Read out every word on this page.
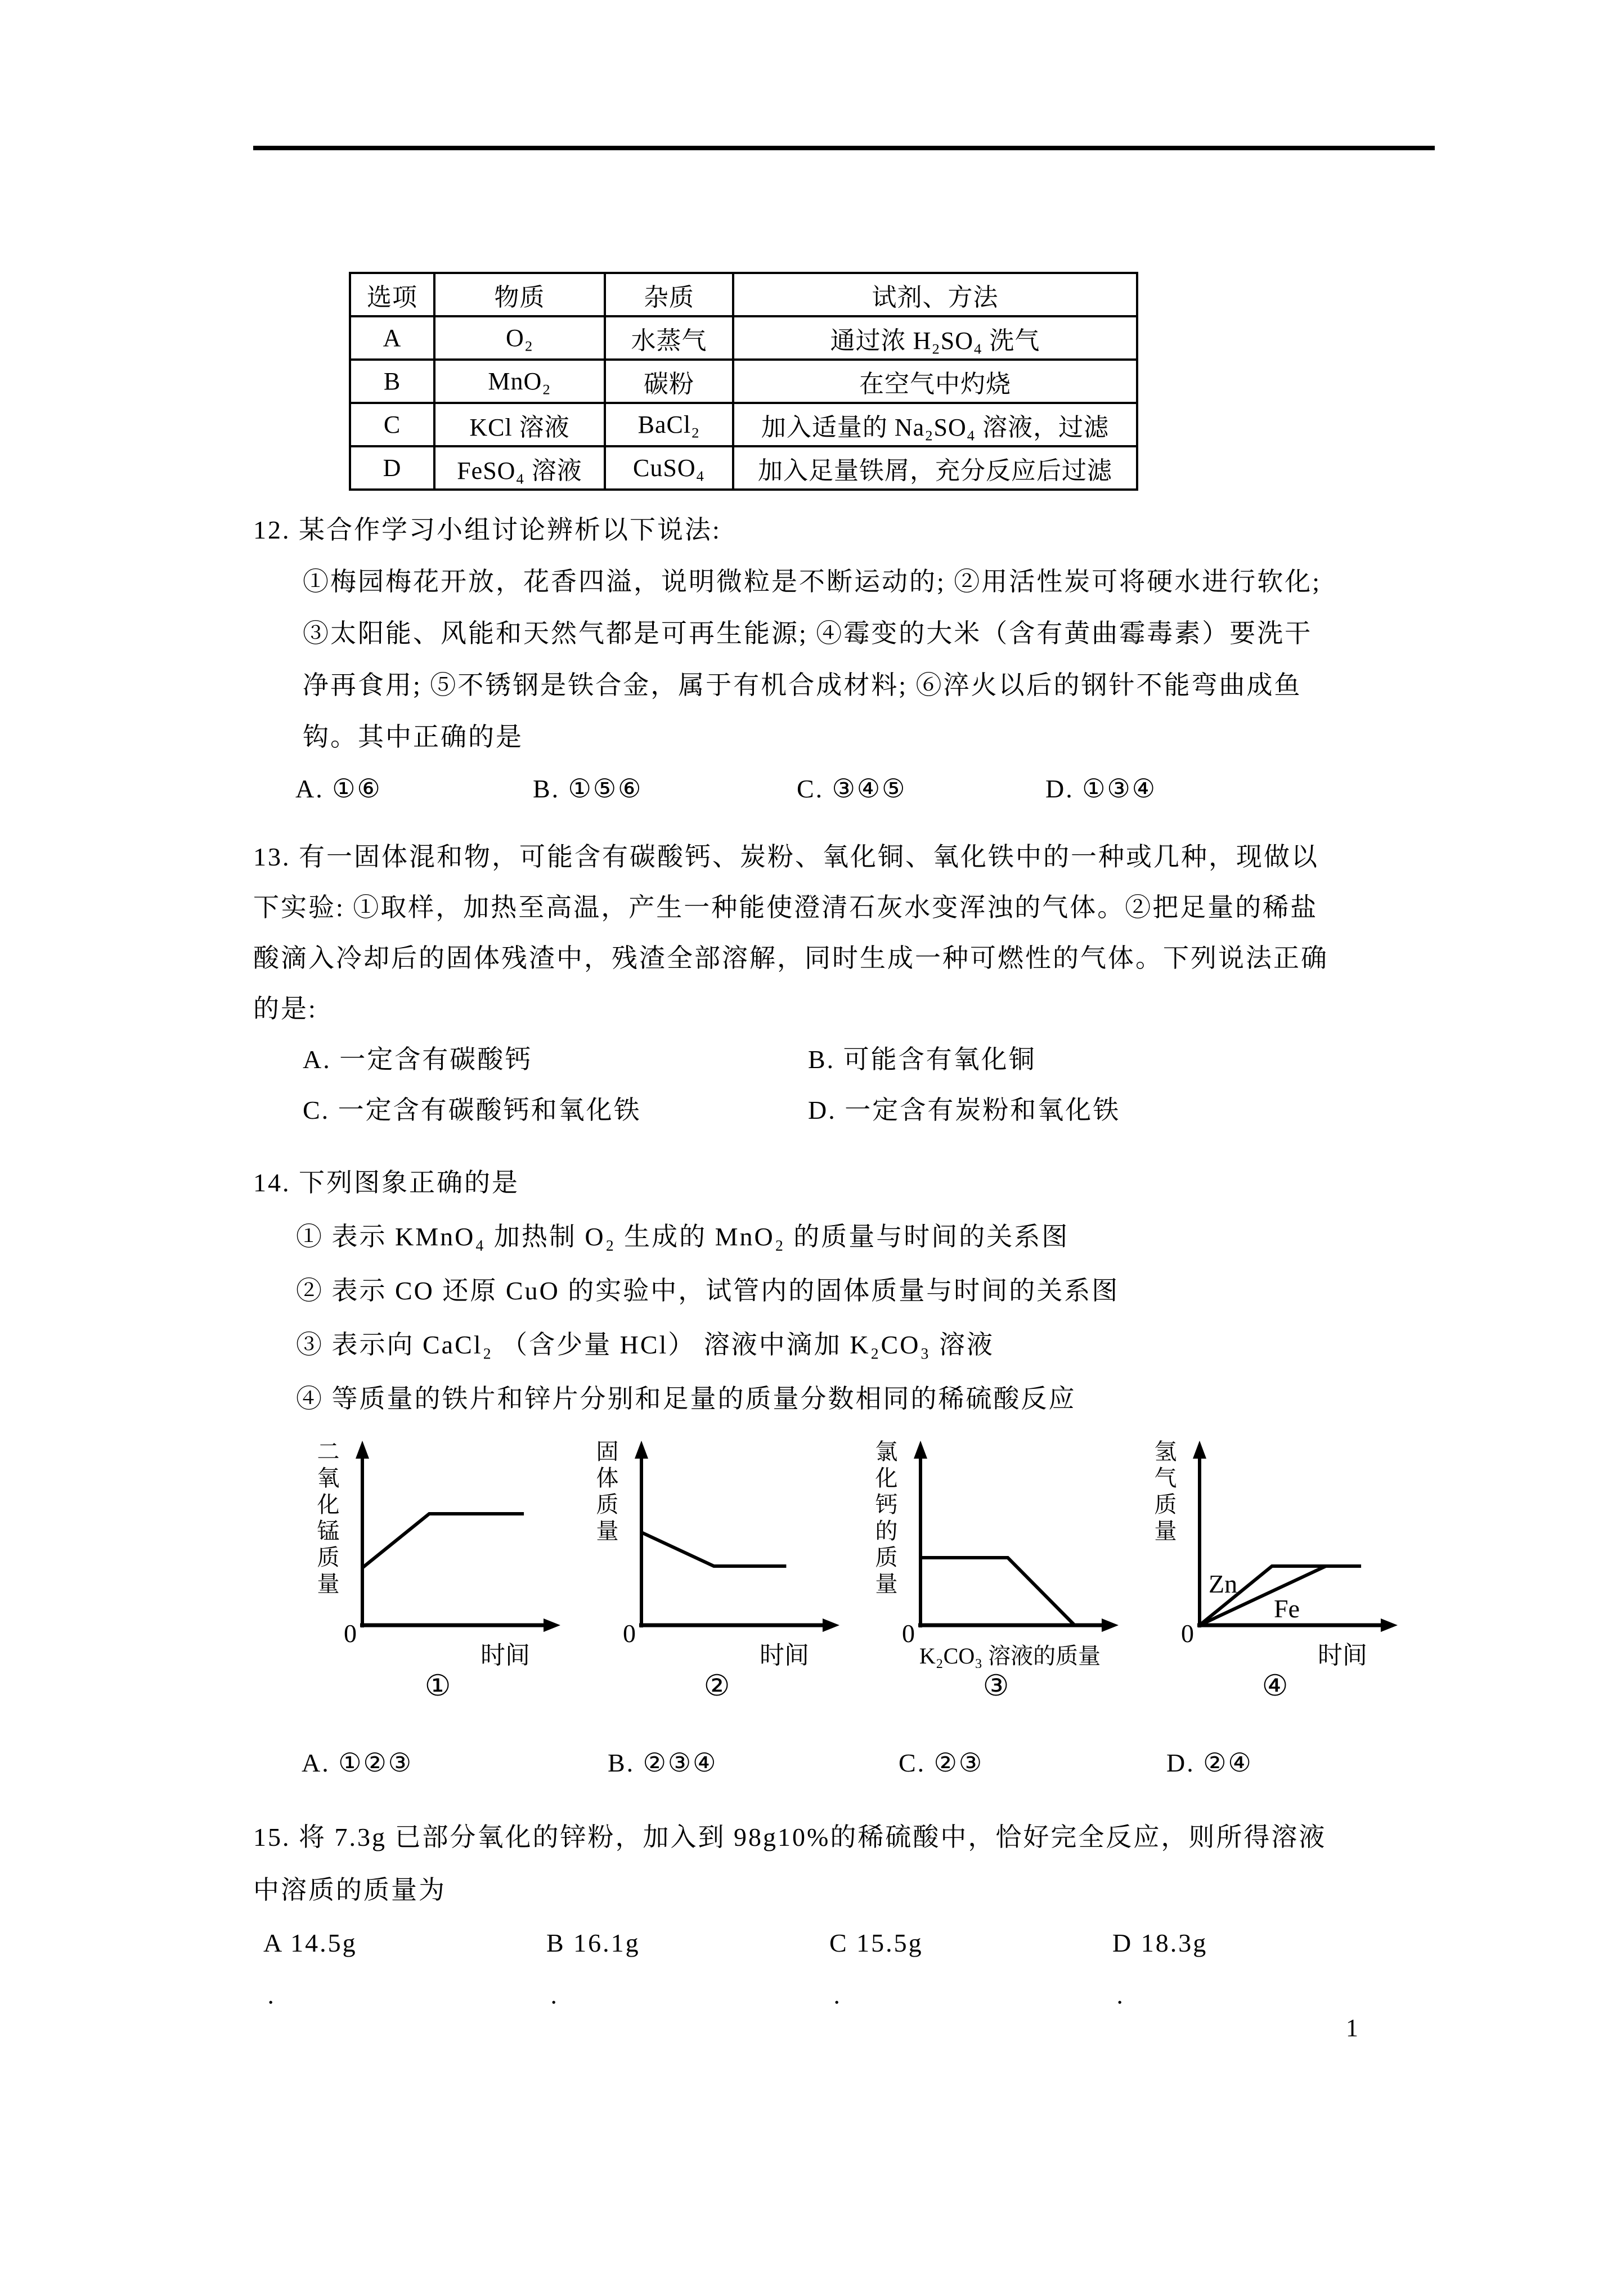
选项	物质	杂质	试剂、方法
A	O₂	水蒸气	通过浓 H₂SO₄ 洗气
B	MnO₂	碳粉	在空气中灼烧
C	KCl 溶液	BaCl₂	加入适量的 Na₂SO₄ 溶液，过滤
D	FeSO₄ 溶液	CuSO₄	加入足量铁屑，充分反应后过滤
12. 某合作学习小组讨论辨析以下说法:
①梅园梅花开放，花香四溢，说明微粒是不断运动的; ②用活性炭可将硬水进行软化;
③太阳能、风能和天然气都是可再生能源; ④霉变的大米（含有黄曲霉毒素）要洗干
净再食用; ⑤不锈钢是铁合金，属于有机合成材料; ⑥淬火以后的钢针不能弯曲成鱼
钩。其中正确的是
A. ①⑥	B. ①⑤⑥	C. ③④⑤	D. ①③④
13. 有一固体混和物，可能含有碳酸钙、炭粉、氧化铜、氧化铁中的一种或几种，现做以
下实验: ①取样，加热至高温，产生一种能使澄清石灰水变浑浊的气体。②把足量的稀盐
酸滴入冷却后的固体残渣中，残渣全部溶解，同时生成一种可燃性的气体。下列说法正确
的是:
A. 一定含有碳酸钙	B. 可能含有氧化铜
C. 一定含有碳酸钙和氧化铁	D. 一定含有炭粉和氧化铁
14. 下列图象正确的是
① 表示 KMnO₄ 加热制 O₂ 生成的 MnO₂ 的质量与时间的关系图
② 表示 CO 还原 CuO 的实验中，试管内的固体质量与时间的关系图
③ 表示向 CaCl₂ （含少量 HCl） 溶液中滴加 K₂CO₃ 溶液
④ 等质量的铁片和锌片分别和足量的质量分数相同的稀硫酸反应
二氧化锰质量
0
时间
①
固体质量
0
时间
②
氯化钙的质量
0
K₂CO₃ 溶液的质量
③
氢气质量
0
时间
Zn
Fe
④
A. ①②③	B. ②③④	C. ②③	D. ②④
15. 将 7.3g 已部分氧化的锌粉，加入到 98g10%的稀硫酸中，恰好完全反应，则所得溶液
中溶质的质量为
A 14.5g	B 16.1g	C 15.5g	D 18.3g
．	．	．	．
1
